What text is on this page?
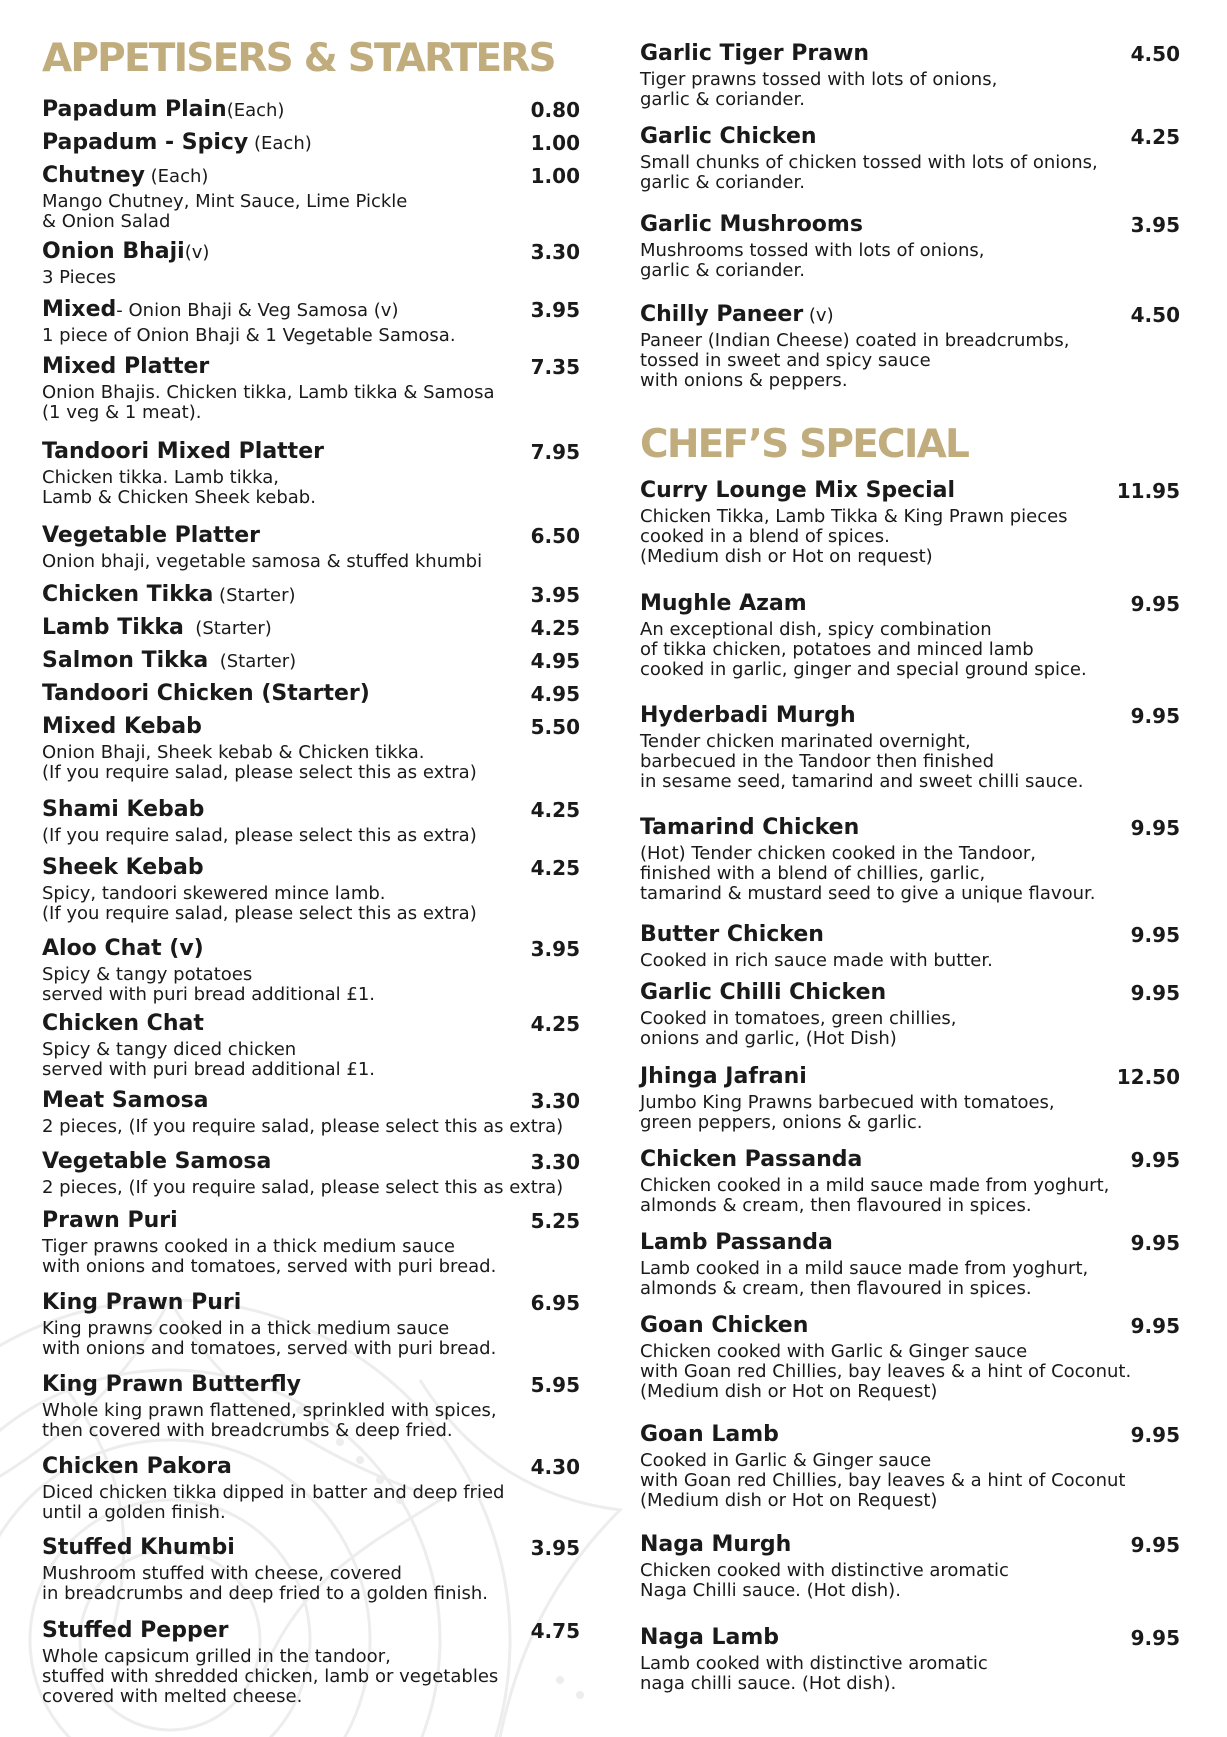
APPETISERS & STARTERS
Papadum Plain(Each)	0.80
Papadum - Spicy (Each)	1.00
Chutney (Each)	1.00
Mango Chutney, Mint Sauce, Lime Pickle
& Onion Salad
Onion Bhaji(v)	3.30
3 Pieces
Mixed- Onion Bhaji & Veg Samosa (v)	3.95
1 piece of Onion Bhaji & 1 Vegetable Samosa.
Mixed Platter	7.35
Onion Bhajis. Chicken tikka, Lamb tikka & Samosa
(1 veg & 1 meat).
Tandoori Mixed Platter	7.95
Chicken tikka. Lamb tikka,
Lamb & Chicken Sheek kebab.
Vegetable Platter	6.50
Onion bhaji, vegetable samosa & stuffed khumbi
Chicken Tikka (Starter)	3.95
Lamb Tikka  (Starter)	4.25
Salmon Tikka  (Starter)	4.95
Tandoori Chicken (Starter)	4.95
Mixed Kebab	5.50
Onion Bhaji, Sheek kebab & Chicken tikka.
(If you require salad, please select this as extra)
Shami Kebab	4.25
(If you require salad, please select this as extra)
Sheek Kebab	4.25
Spicy, tandoori skewered mince lamb.
(If you require salad, please select this as extra)
Aloo Chat (v)	3.95
Spicy & tangy potatoes
served with puri bread additional £1.
Chicken Chat	4.25
Spicy & tangy diced chicken
served with puri bread additional £1.
Meat Samosa	3.30
2 pieces, (If you require salad, please select this as extra)
Vegetable Samosa	3.30
2 pieces, (If you require salad, please select this as extra)
Prawn Puri	5.25
Tiger prawns cooked in a thick medium sauce
with onions and tomatoes, served with puri bread.
King Prawn Puri	6.95
King prawns cooked in a thick medium sauce
with onions and tomatoes, served with puri bread.
King Prawn Butterfly	5.95
Whole king prawn flattened, sprinkled with spices,
then covered with breadcrumbs & deep fried.
Chicken Pakora	4.30
Diced chicken tikka dipped in batter and deep fried
until a golden finish.
Stuffed Khumbi	3.95
Mushroom stuffed with cheese, covered
in breadcrumbs and deep fried to a golden finish.
Stuffed Pepper	4.75
Whole capsicum grilled in the tandoor,
stuffed with shredded chicken, lamb or vegetables
covered with melted cheese.
CHEF’S SPECIAL
Garlic Tiger Prawn	4.50
Tiger prawns tossed with lots of onions,
garlic & coriander.
Garlic Chicken	4.25
Small chunks of chicken tossed with lots of onions,
garlic & coriander.
Garlic Mushrooms	3.95
Mushrooms tossed with lots of onions,
garlic & coriander.
Chilly Paneer (v)	4.50
Paneer (Indian Cheese) coated in breadcrumbs,
tossed in sweet and spicy sauce
with onions & peppers.
Curry Lounge Mix Special	11.95
Chicken Tikka, Lamb Tikka & King Prawn pieces
cooked in a blend of spices.
(Medium dish or Hot on request)
Mughle Azam	9.95
An exceptional dish, spicy combination
of tikka chicken, potatoes and minced lamb
cooked in garlic, ginger and special ground spice.
Hyderbadi Murgh	9.95
Tender chicken marinated overnight,
barbecued in the Tandoor then finished
in sesame seed, tamarind and sweet chilli sauce.
Tamarind Chicken	9.95
(Hot) Tender chicken cooked in the Tandoor,
finished with a blend of chillies, garlic,
tamarind & mustard seed to give a unique flavour.
Butter Chicken	9.95
Cooked in rich sauce made with butter.
Garlic Chilli Chicken	9.95
Cooked in tomatoes, green chillies,
onions and garlic, (Hot Dish)
Jhinga Jafrani	12.50
Jumbo King Prawns barbecued with tomatoes,
green peppers, onions & garlic.
Chicken Passanda	9.95
Chicken cooked in a mild sauce made from yoghurt,
almonds & cream, then flavoured in spices.
Lamb Passanda	9.95
Lamb cooked in a mild sauce made from yoghurt,
almonds & cream, then flavoured in spices.
Goan Chicken	9.95
Chicken cooked with Garlic & Ginger sauce
with Goan red Chillies, bay leaves & a hint of Coconut.
(Medium dish or Hot on Request)
Goan Lamb	9.95
Cooked in Garlic & Ginger sauce
with Goan red Chillies, bay leaves & a hint of Coconut
(Medium dish or Hot on Request)
Naga Murgh	9.95
Chicken cooked with distinctive aromatic
Naga Chilli sauce. (Hot dish).
Naga Lamb	9.95
Lamb cooked with distinctive aromatic
naga chilli sauce. (Hot dish).
